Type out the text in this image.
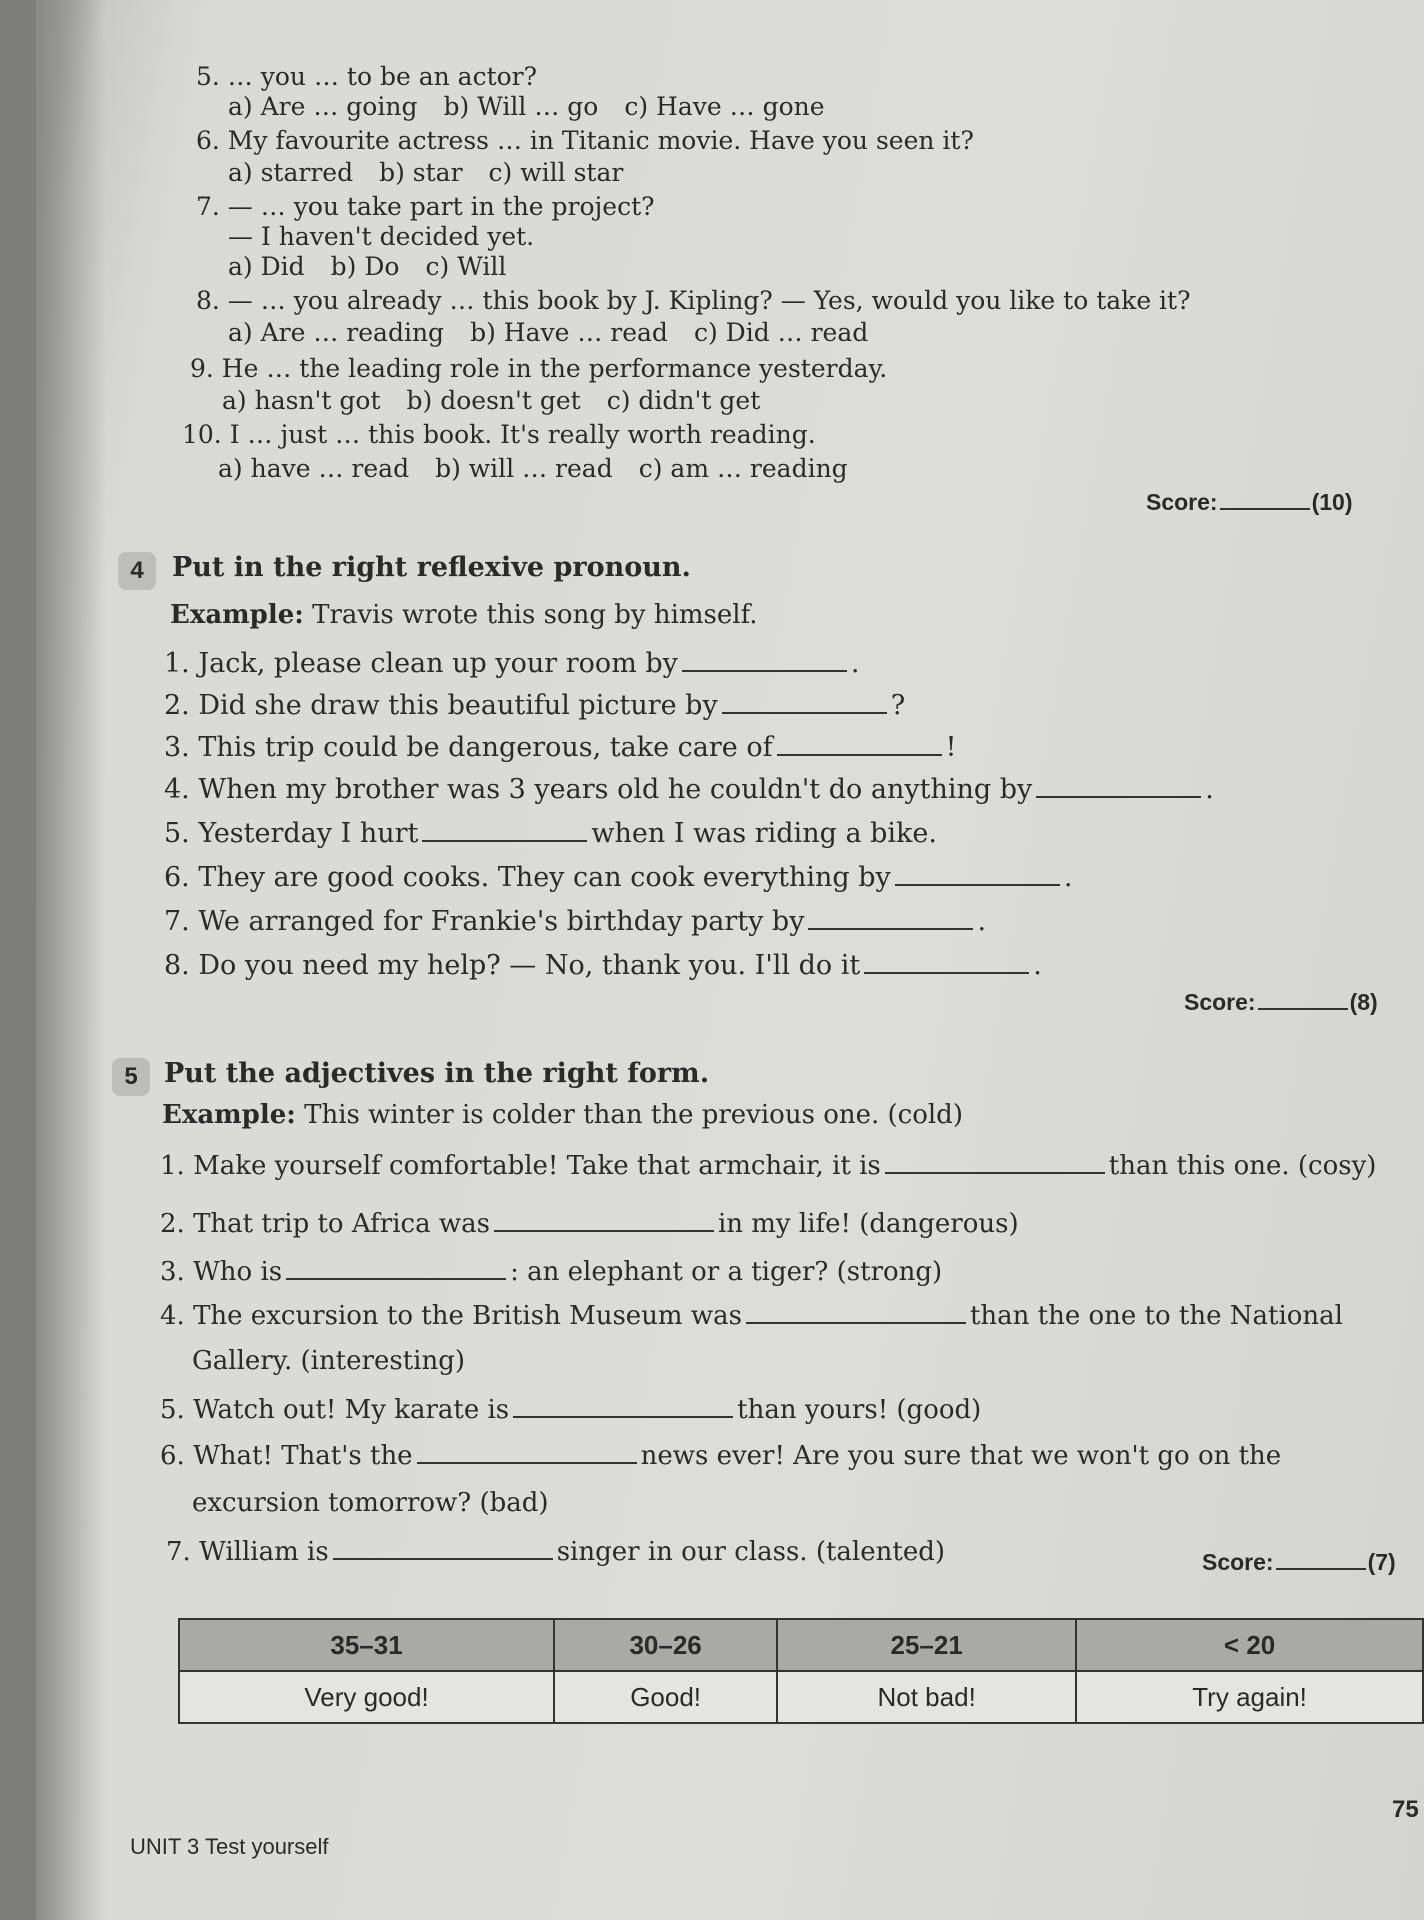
5. … you … to be an actor?
a) Are … going b) Will … go c) Have … gone
6. My favourite actress … in Titanic movie. Have you seen it?
a) starred b) star c) will star
7. — … you take part in the project?
— I haven't decided yet.
a) Did b) Do c) Will
8. — … you already … this book by J. Kipling? — Yes, would you like to take it?
a) Are … reading b) Have … read c) Did … read
9. He … the leading role in the performance yesterday.
a) hasn't got b) doesn't get c) didn't get
10. I … just … this book. It's really worth reading.
a) have … read b) will … read c) am … reading
Score:	(10)
4	Put in the right reflexive pronoun.
Example: Travis wrote this song by himself.
1. Jack, please clean up your room by	.
2. Did she draw this beautiful picture by	?
3. This trip could be dangerous, take care of	!
4. When my brother was 3 years old he couldn't do anything by	.
5. Yesterday I hurt	when I was riding a bike.
6. They are good cooks. They can cook everything by	.
7. We arranged for Frankie's birthday party by	.
8. Do you need my help? — No, thank you. I'll do it	.
Score:	(8)
5 Put the adjectives in the right form.
Example: This winter is colder than the previous one. (cold)
1. Make yourself comfortable! Take that armchair, it is	than this one. (cosy)
2. That trip to Africa was	in my life! (dangerous)
3. Who is	: an elephant or a tiger? (strong)
4. The excursion to the British Museum was	than the one to the National
Gallery. (interesting)
5. Watch out! My karate is	than yours! (good)
6. What! That's the	news ever! Are you sure that we won't go on the
excursion tomorrow? (bad)
7. William is	singer in our class. (talented)	Score:	(7)
35–31	30–26	25–21	< 20
Very good!	Good!	Not bad!	Try again!
75
UNIT 3 Test yourself
